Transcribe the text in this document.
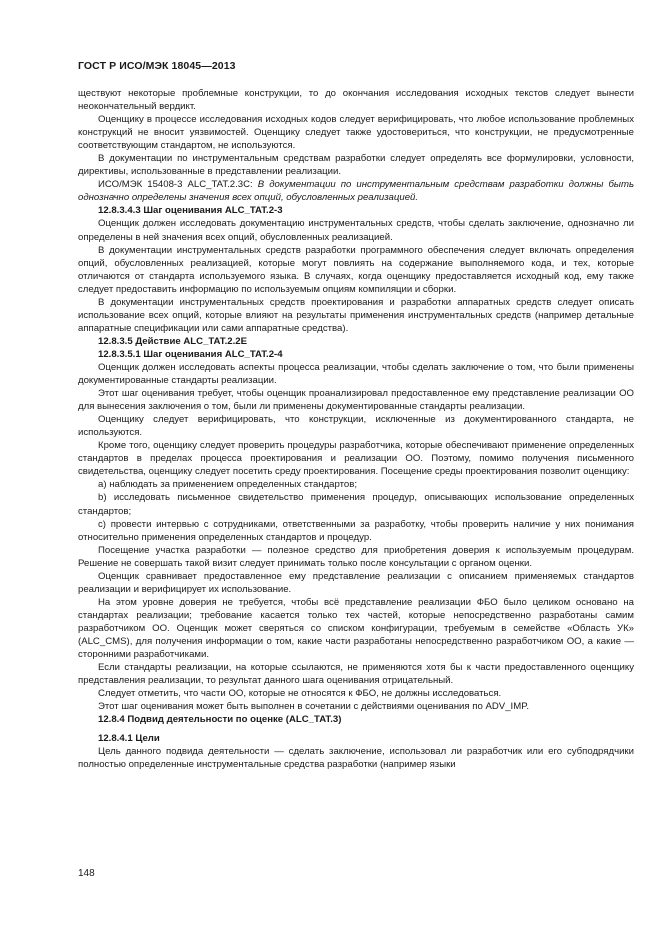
ГОСТ Р ИСО/МЭК 18045—2013

ществуют некоторые проблемные конструкции, то до окончания исследования исходных текстов следует вынести неокончательный вердикт.

Оценщику в процессе исследования исходных кодов следует верифицировать, что любое использование проблемных конструкций не вносит уязвимостей. Оценщику следует также удостовериться, что конструкции, не предусмотренные соответствующим стандартом, не используются.

В документации по инструментальным средствам разработки следует определять все формулировки, условности, директивы, использованные в представлении реализации.

ИСО/МЭК 15408-3 ALC_TAT.2.3C: В документации по инструментальным средствам разработки должны быть однозначно определены значения всех опций, обусловленных реализацией.

12.8.3.4.3 Шаг оценивания ALC_TAT.2-3

Оценщик должен исследовать документацию инструментальных средств, чтобы сделать заключение, однозначно ли определены в ней значения всех опций, обусловленных реализацией.

В документации инструментальных средств разработки программного обеспечения следует включать определения опций, обусловленных реализацией, которые могут повлиять на содержание выполняемого кода, и тех, которые отличаются от стандарта используемого языка. В случаях, когда оценщику предоставляется исходный код, ему также следует предоставить информацию по используемым опциям компиляции и сборки.

В документации инструментальных средств проектирования и разработки аппаратных средств следует описать использование всех опций, которые влияют на результаты применения инструментальных средств (например детальные аппаратные спецификации или сами аппаратные средства).

12.8.3.5 Действие ALC_TAT.2.2E

12.8.3.5.1 Шаг оценивания ALC_TAT.2-4

Оценщик должен исследовать аспекты процесса реализации, чтобы сделать заключение о том, что были применены документированные стандарты реализации.

Этот шаг оценивания требует, чтобы оценщик проанализировал предоставленное ему представление реализации ОО для вынесения заключения о том, были ли применены документированные стандарты реализации.

Оценщику следует верифицировать, что конструкции, исключенные из документированного стандарта, не используются.

Кроме того, оценщику следует проверить процедуры разработчика, которые обеспечивают применение определенных стандартов в пределах процесса проектирования и реализации ОО. Поэтому, помимо получения письменного свидетельства, оценщику следует посетить среду проектирования. Посещение среды проектирования позволит оценщику:

a) наблюдать за применением определенных стандартов;

b) исследовать письменное свидетельство применения процедур, описывающих использование определенных стандартов;

c) провести интервью с сотрудниками, ответственными за разработку, чтобы проверить наличие у них понимания относительно применения определенных стандартов и процедур.

Посещение участка разработки — полезное средство для приобретения доверия к используемым процедурам. Решение не совершать такой визит следует принимать только после консультации с органом оценки.

Оценщик сравнивает предоставленное ему представление реализации с описанием применяемых стандартов реализации и верифицирует их использование.

На этом уровне доверия не требуется, чтобы всё представление реализации ФБО было целиком основано на стандартах реализации; требование касается только тех частей, которые непосредственно разработаны самим разработчиком ОО. Оценщик может сверяться со списком конфигурации, требуемым в семействе «Область УК» (ALC_CMS), для получения информации о том, какие части разработаны непосредственно разработчиком ОО, а какие — сторонними разработчиками.

Если стандарты реализации, на которые ссылаются, не применяются хотя бы к части предоставленного оценщику представления реализации, то результат данного шага оценивания отрицательный.

Следует отметить, что части ОО, которые не относятся к ФБО, не должны исследоваться.

Этот шаг оценивания может быть выполнен в сочетании с действиями оценивания по ADV_IMP.

12.8.4 Подвид деятельности по оценке (ALC_TAT.3)

12.8.4.1 Цели

Цель данного подвида деятельности — сделать заключение, использовал ли разработчик или его субподрядчики полностью определенные инструментальные средства разработки (например языки

148
